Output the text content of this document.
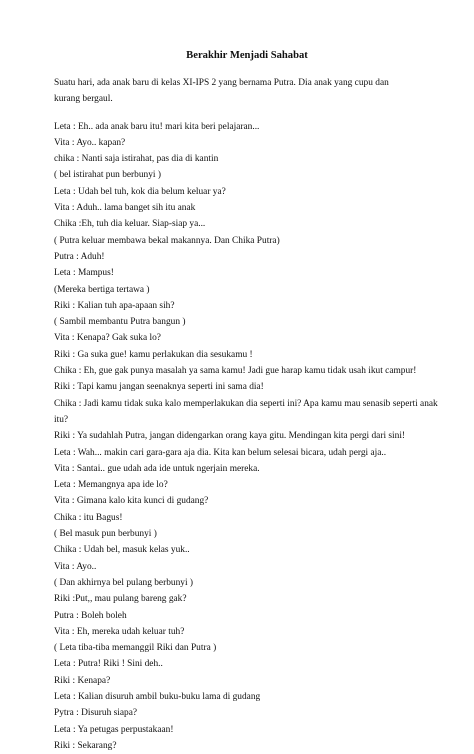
Berakhir Menjadi Sahabat
Suatu hari, ada anak baru di kelas XI-IPS 2 yang bernama Putra. Dia anak yang cupu dan kurang bergaul.
Leta : Eh.. ada anak baru itu! mari kita beri pelajaran...
Vita : Ayo.. kapan?
chika : Nanti saja istirahat, pas dia di kantin
( bel istirahat pun berbunyi )
Leta : Udah bel tuh, kok dia belum keluar ya?
Vita : Aduh.. lama banget sih itu anak
Chika :Eh, tuh dia keluar. Siap-siap ya...
( Putra keluar membawa bekal makannya. Dan Chika Putra)
Putra : Aduh!
Leta : Mampus!
(Mereka bertiga tertawa )
Riki : Kalian tuh apa-apaan sih?
( Sambil membantu Putra bangun )
Vita : Kenapa? Gak suka lo?
Riki : Ga suka gue! kamu perlakukan dia sesukamu !
Chika : Eh, gue gak punya masalah ya sama kamu! Jadi gue harap kamu tidak usah ikut campur!
Riki : Tapi kamu jangan seenaknya seperti ini sama dia!
Chika : Jadi kamu tidak suka kalo memperlakukan dia seperti ini? Apa kamu mau senasib seperti anak itu?
Riki : Ya sudahlah Putra, jangan didengarkan orang kaya gitu. Mendingan kita pergi dari sini!
Leta : Wah... makin cari gara-gara aja dia. Kita kan belum selesai bicara, udah pergi aja..
Vita : Santai.. gue udah ada ide untuk ngerjain mereka.
Leta : Memangnya apa ide lo?
Vita : Gimana kalo kita kunci di gudang?
Chika : itu Bagus!
( Bel masuk pun berbunyi )
Chika : Udah bel, masuk kelas yuk..
Vita : Ayo..
( Dan akhirnya bel pulang berbunyi )
Riki :Put,, mau pulang bareng gak?
Putra : Boleh boleh
Vita : Eh, mereka udah keluar tuh?
( Leta tiba-tiba memanggil Riki dan Putra )
Leta : Putra! Riki ! Sini deh..
Riki : Kenapa?
Leta : Kalian disuruh ambil buku-buku lama di gudang
Pytra : Disuruh siapa?
Leta : Ya petugas perpustakaan!
Riki : Sekarang?
